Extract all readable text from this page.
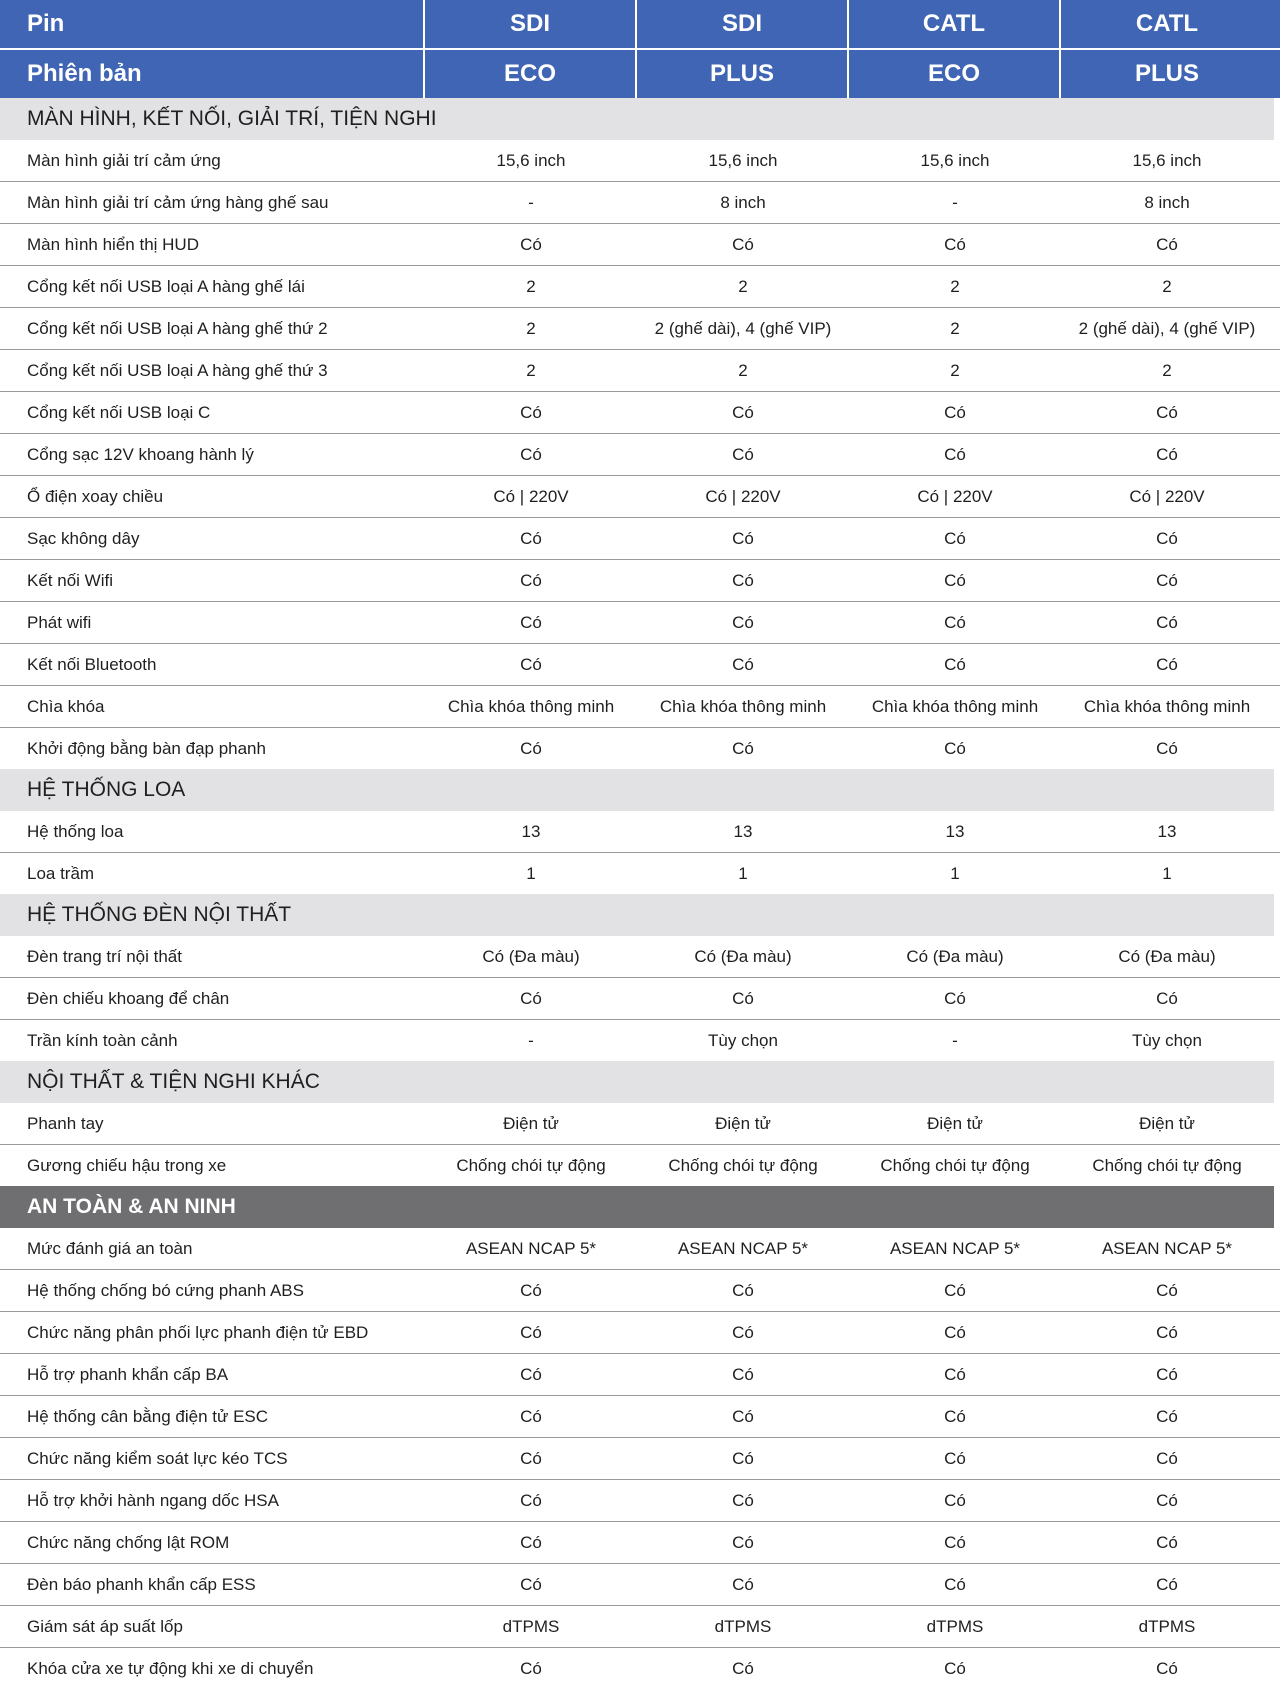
Pin	SDI	SDI	CATL	CATL
Phiên bản	ECO	PLUS	ECO	PLUS
MÀN HÌNH, KẾT NỐI, GIẢI TRÍ, TIỆN NGHI
Màn hình giải trí cảm ứng	15,6 inch	15,6 inch	15,6 inch	15,6 inch
Màn hình giải trí cảm ứng hàng ghế sau	-	8 inch	-	8 inch
Màn hình hiển thị HUD	Có	Có	Có	Có
Cổng kết nối USB loại A hàng ghế lái	2	2	2	2
Cổng kết nối USB loại A hàng ghế thứ 2	2	2 (ghế dài), 4 (ghế VIP)	2	2 (ghế dài), 4 (ghế VIP)
Cổng kết nối USB loại A hàng ghế thứ 3	2	2	2	2
Cổng kết nối USB loại C	Có	Có	Có	Có
Cổng sạc 12V khoang hành lý	Có	Có	Có	Có
Ổ điện xoay chiều	Có | 220V	Có | 220V	Có | 220V	Có | 220V
Sạc không dây	Có	Có	Có	Có
Kết nối Wifi	Có	Có	Có	Có
Phát wifi	Có	Có	Có	Có
Kết nối Bluetooth	Có	Có	Có	Có
Chìa khóa	Chìa khóa thông minh	Chìa khóa thông minh	Chìa khóa thông minh	Chìa khóa thông minh
Khởi động bằng bàn đạp phanh	Có	Có	Có	Có
HỆ THỐNG LOA
Hệ thống loa	13	13	13	13
Loa trầm	1	1	1	1
HỆ THỐNG ĐÈN NỘI THẤT
Đèn trang trí nội thất	Có (Đa màu)	Có (Đa màu)	Có (Đa màu)	Có (Đa màu)
Đèn chiếu khoang để chân	Có	Có	Có	Có
Trần kính toàn cảnh	-	Tùy chọn	-	Tùy chọn
NỘI THẤT & TIỆN NGHI KHÁC
Phanh tay	Điện tử	Điện tử	Điện tử	Điện tử
Gương chiếu hậu trong xe	Chống chói tự động	Chống chói tự động	Chống chói tự động	Chống chói tự động
AN TOÀN & AN NINH
Mức đánh giá an toàn	ASEAN NCAP 5*	ASEAN NCAP 5*	ASEAN NCAP 5*	ASEAN NCAP 5*
Hệ thống chống bó cứng phanh ABS	Có	Có	Có	Có
Chức năng phân phối lực phanh điện tử EBD	Có	Có	Có	Có
Hỗ trợ phanh khẩn cấp BA	Có	Có	Có	Có
Hệ thống cân bằng điện tử ESC	Có	Có	Có	Có
Chức năng kiểm soát lực kéo TCS	Có	Có	Có	Có
Hỗ trợ khởi hành ngang dốc HSA	Có	Có	Có	Có
Chức năng chống lật ROM	Có	Có	Có	Có
Đèn báo phanh khẩn cấp ESS	Có	Có	Có	Có
Giám sát áp suất lốp	dTPMS	dTPMS	dTPMS	dTPMS
Khóa cửa xe tự động khi xe di chuyển	Có	Có	Có	Có
